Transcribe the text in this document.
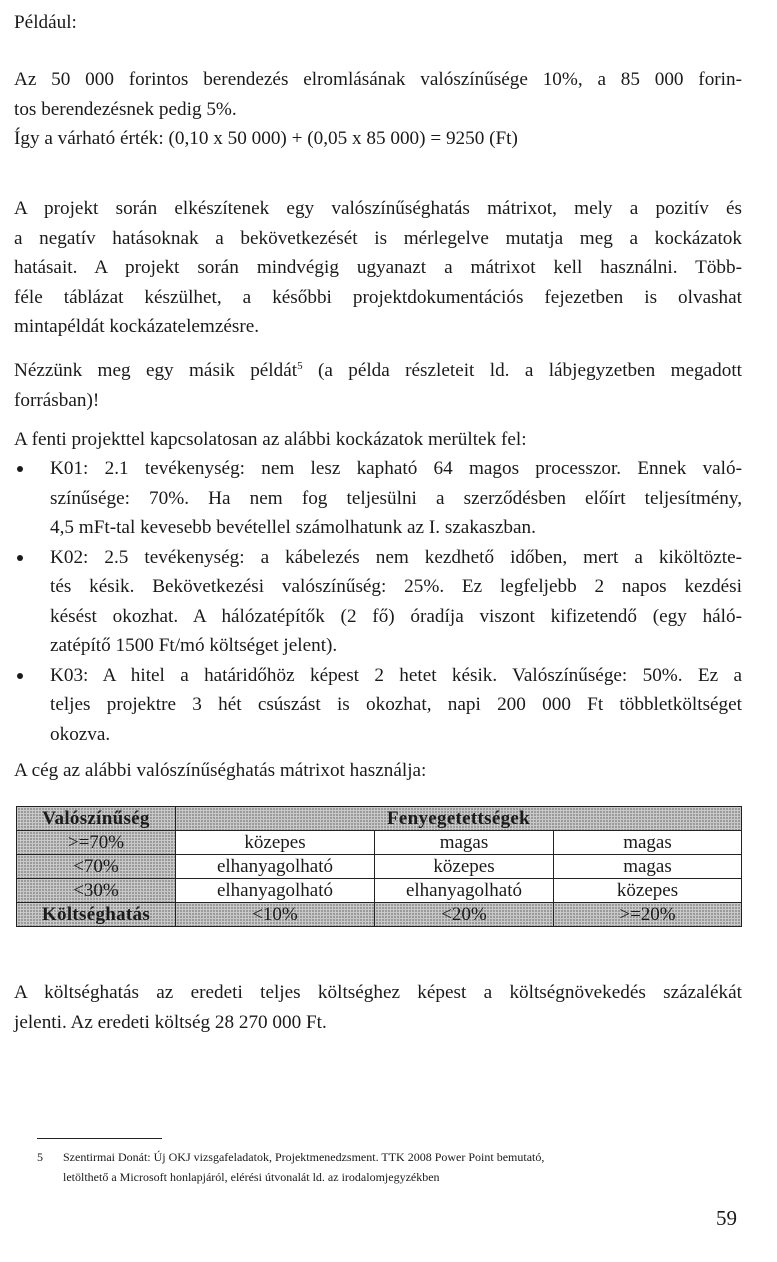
Például:

Az 50 000 forintos berendezés elromlásának valószínűsége 10%, a 85 000 forin-
tos berendezésnek pedig 5%.
Így a várható érték: (0,10 x 50 000) + (0,05 x 85 000) = 9250 (Ft)

A projekt során elkészítenek egy valószínűséghatás mátrixot, mely a pozitív és
a negatív hatásoknak a bekövetkezését is mérlegelve mutatja meg a kockázatok
hatásait. A projekt során mindvégig ugyanazt a mátrixot kell használni. Több-
féle táblázat készülhet, a későbbi projektdokumentációs fejezetben is olvashat
mintapéldát kockázatelemzésre.

Nézzünk meg egy másik példát$^5$ (a példa részleteit ld. a lábjegyzetben megadott
forrásban)!

A fenti projekttel kapcsolatosan az alábbi kockázatok merültek fel:

K01: 2.1 tevékenység: nem lesz kapható 64 magos processzor. Ennek való-
színűsége: 70%. Ha nem fog teljesülni a szerződésben előírt teljesítmény,
4,5 mFt-tal kevesebb bevétellel számolhatunk az I. szakaszban.
K02: 2.5 tevékenység: a kábelezés nem kezdhető időben, mert a kiköltözte-
tés késik. Bekövetkezési valószínűség: 25%. Ez legfeljebb 2 napos kezdési
késést okozhat. A hálózatépítők (2 fő) óradíja viszont kifizetendő (egy háló-
zatépítő 1500 Ft/mó költséget jelent).
K03: A hitel a határidőhöz képest 2 hetet késik. Valószínűsége: 50%. Ez a
teljes projektre 3 hét csúszást is okozhat, napi 200 000 Ft többletköltséget
okozva.

A cég az alábbi valószínűséghatás mátrixot használja:

Valószínűség	Fenyegetettségek		
>=70%	közepes	magas	magas
<70%	elhanyagolható	közepes	magas
<30%	elhanyagolható	elhanyagolható	közepes
Költséghatás	<10%	<20%	>=20%

A költséghatás az eredeti teljes költséghez képest a költségnövekedés százalékát
jelenti. Az eredeti költség 28 270 000 Ft.

5 Szentirmai Donát: Új OKJ vizsgafeladatok, Projektmenedzsment. TTK 2008 Power Point bemutató,
letölthető a Microsoft honlapjáról, elérési útvonalát ld. az irodalomjegyzékben
59
